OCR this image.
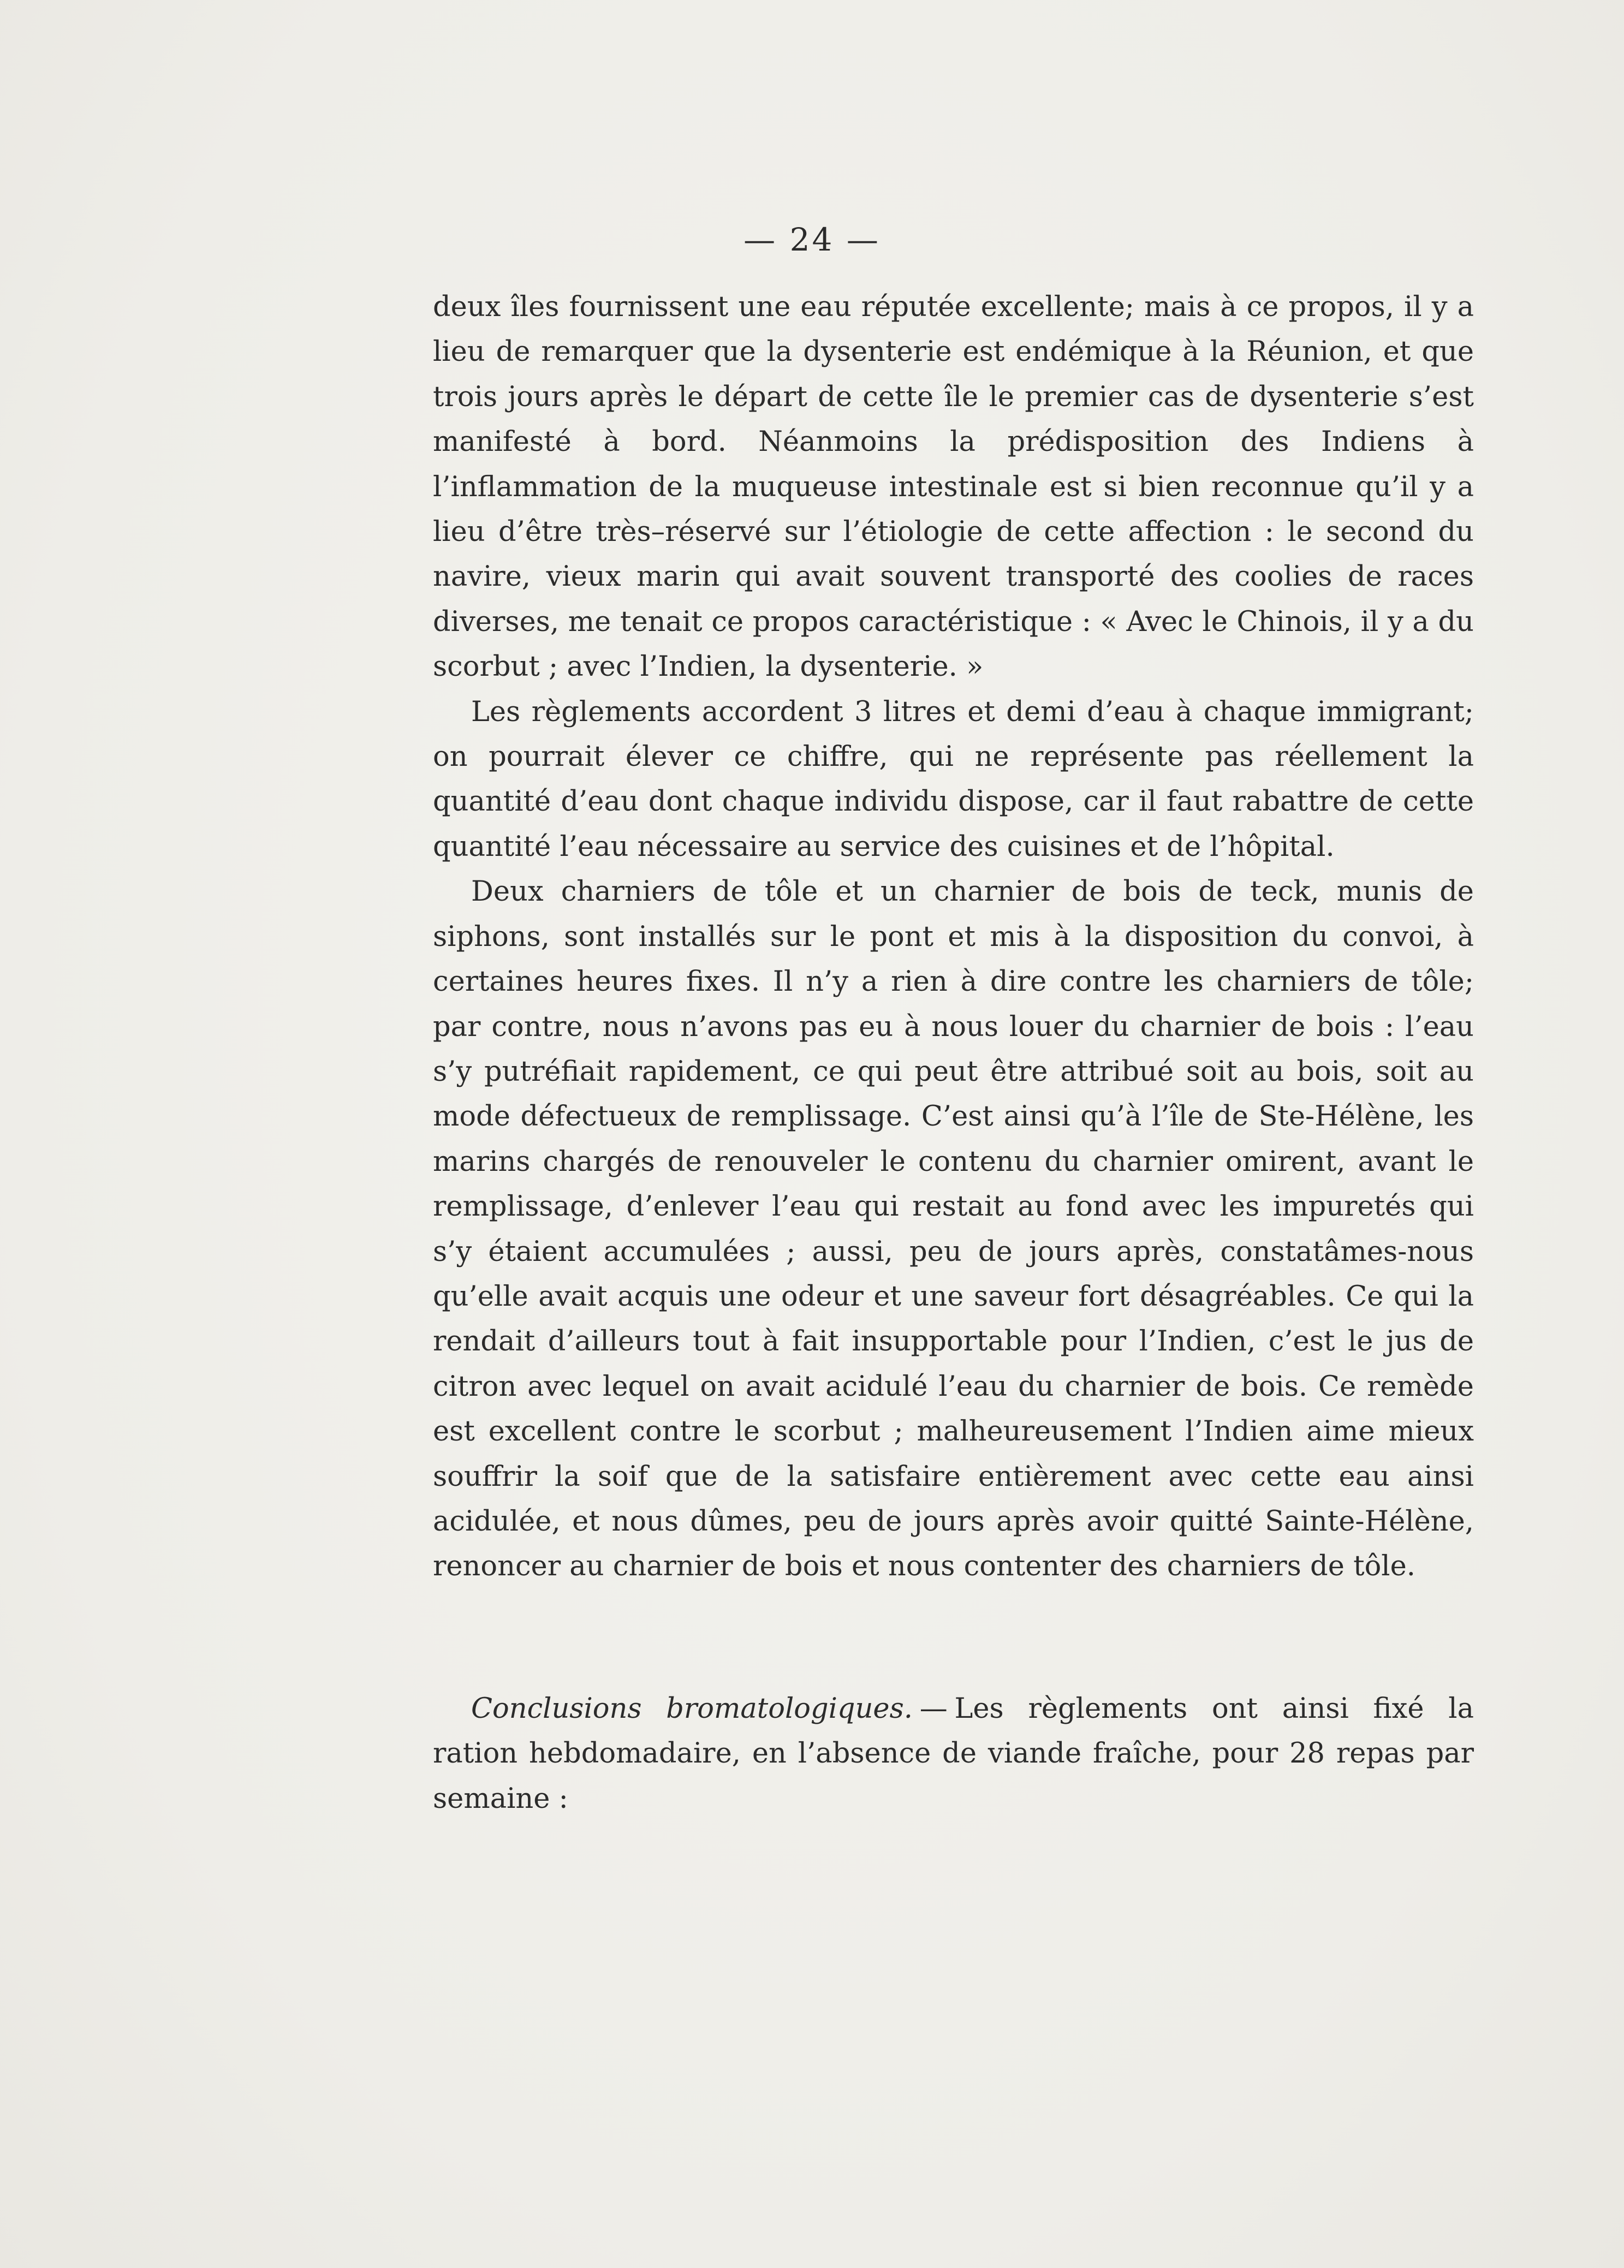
— 24 —

deux îles fournissent une eau réputée excellente; mais à ce propos, il y a lieu de remarquer que la dysenterie est endémique à la Réunion, et que trois jours après le départ de cette île le premier cas de dysenterie s’est manifesté à bord. Néanmoins la prédisposition des Indiens à l’inflammation de la muqueuse intestinale est si bien reconnue qu’il y a lieu d’être très–réservé sur l’étiologie de cette affection : le second du navire, vieux marin qui avait souvent transporté des coolies de races diverses, me tenait ce propos caractéristique : « Avec le Chinois, il y a du scorbut ; avec l’Indien, la dysenterie. »

Les règlements accordent 3 litres et demi d’eau à chaque immigrant; on pourrait élever ce chiffre, qui ne représente pas réellement la quantité d’eau dont chaque individu dispose, car il faut rabattre de cette quantité l’eau nécessaire au service des cuisines et de l’hôpital.

Deux charniers de tôle et un charnier de bois de teck, munis de siphons, sont installés sur le pont et mis à la disposition du convoi, à certaines heures fixes. Il n’y a rien à dire contre les charniers de tôle; par contre, nous n’avons pas eu à nous louer du charnier de bois : l’eau s’y putréfiait rapidement, ce qui peut être attribué soit au bois, soit au mode défectueux de remplissage. C’est ainsi qu’à l’île de Ste-Hélène, les marins chargés de renouveler le contenu du charnier omirent, avant le remplissage, d’enlever l’eau qui restait au fond avec les impuretés qui s’y étaient accumulées ; aussi, peu de jours après, constatâmes-nous qu’elle avait acquis une odeur et une saveur fort désagréables. Ce qui la rendait d’ailleurs tout à fait insupportable pour l’Indien, c’est le jus de citron avec lequel on avait acidulé l’eau du charnier de bois. Ce remède est excellent contre le scorbut ; malheureusement l’Indien aime mieux souffrir la soif que de la satisfaire entièrement avec cette eau ainsi acidulée, et nous dûmes, peu de jours après avoir quitté Sainte-Hélène, renoncer au charnier de bois et nous contenter des charniers de tôle.

Conclusions bromatologiques. — Les règlements ont ainsi fixé la ration hebdomadaire, en l’absence de viande fraîche, pour 28 repas par semaine :
